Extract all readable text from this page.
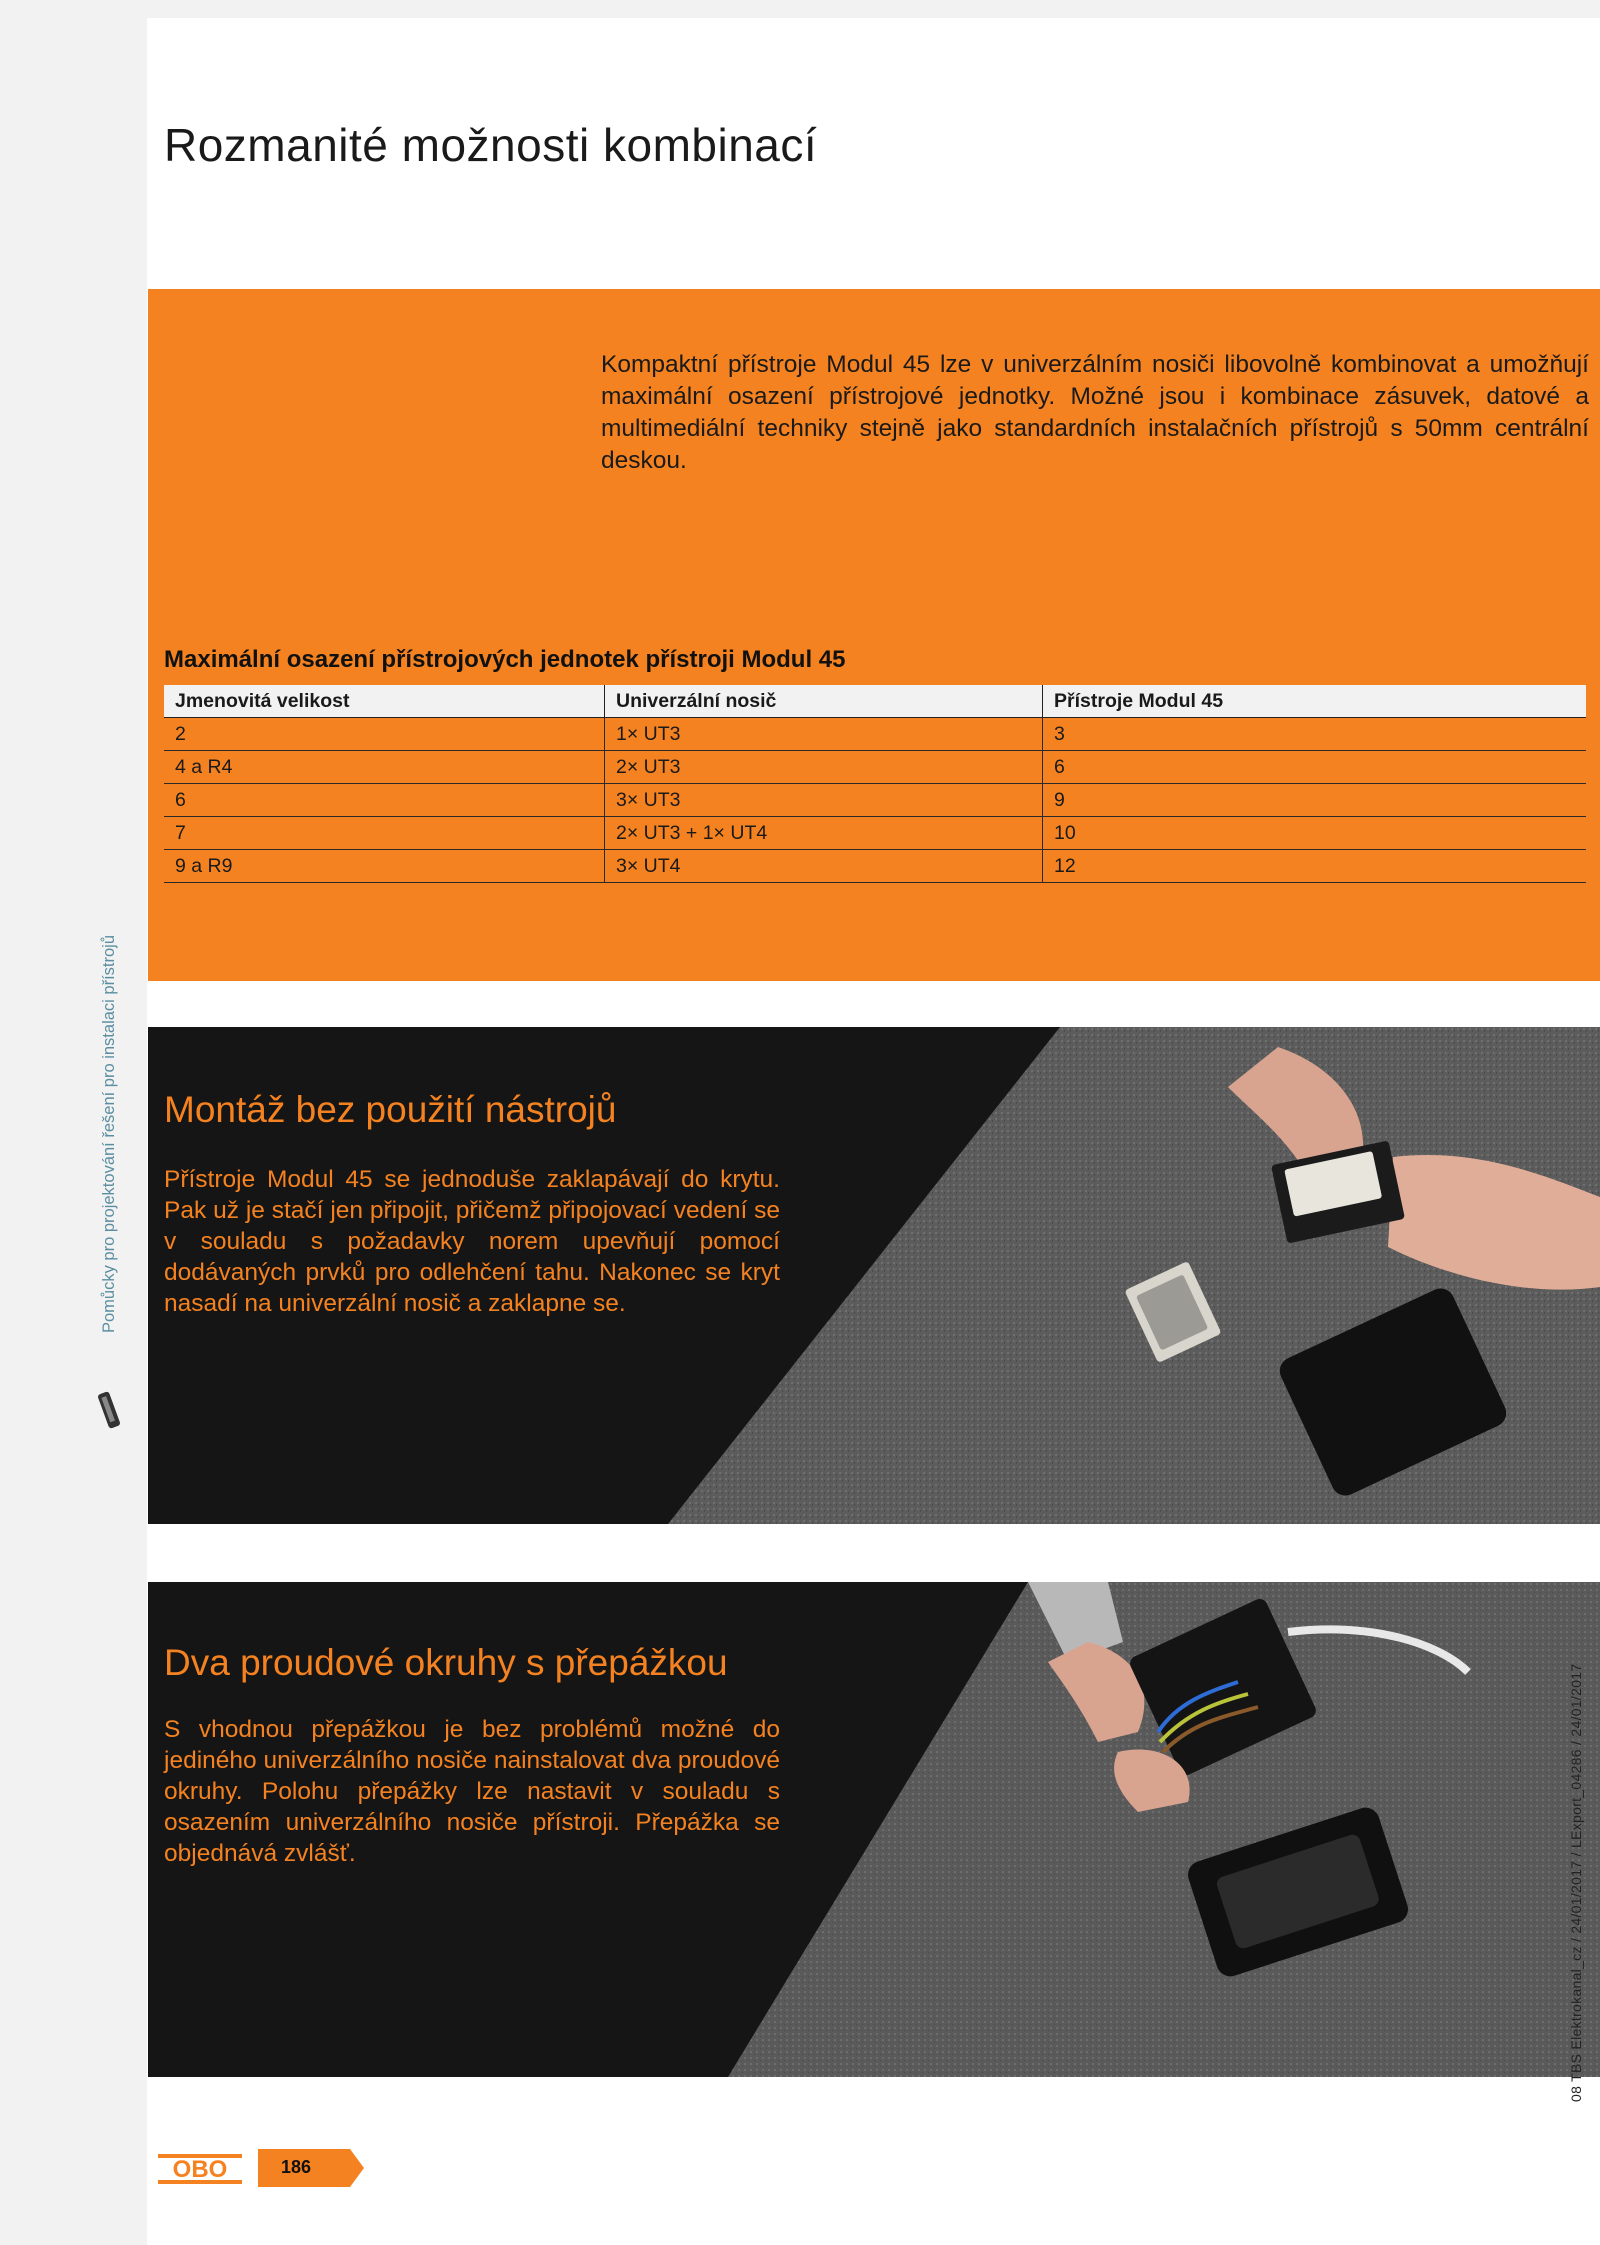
Rozmanité možnosti kombinací

Kompaktní přístroje Modul 45 lze v univerzálním nosiči libovolně kombinovat a umožňují maximální osazení přístrojové jednotky. Možné jsou i kombinace zásuvek, datové a multimediální techniky stejně jako standardních instalačních přístrojů s 50mm centrální deskou.

Maximální osazení přístrojových jednotek přístroji Modul 45
Jmenovitá velikost	Univerzální nosič	Přístroje Modul 45
2	1× UT3	3
4 a R4	2× UT3	6
6	3× UT3	9
7	2× UT3 + 1× UT4	10
9 a R9	3× UT4	12
Montáž bez použití nástrojů

Přístroje Modul 45 se jednoduše zaklapávají do krytu. Pak už je stačí jen připojit, přičemž připojovací vedení se v souladu s požadavky norem upevňují pomocí dodávaných prvků pro odlehčení tahu. Nakonec se kryt nasadí na univerzální nosič a zaklapne se.

Dva proudové okruhy s přepážkou

S vhodnou přepážkou je bez problémů možné do jediného univerzálního nosiče nainstalovat dva proudové okruhy. Polohu přepážky lze nastavit v souladu s osazením univerzálního nosiče přístroji. Přepážka se objednává zvlášť.

Pomůcky pro projektování řešení pro instalaci přístrojů
08 TBS Elektrokanal_cz / 24/01/2017 / LExport_04286 / 24/01/2017
OBO	186
